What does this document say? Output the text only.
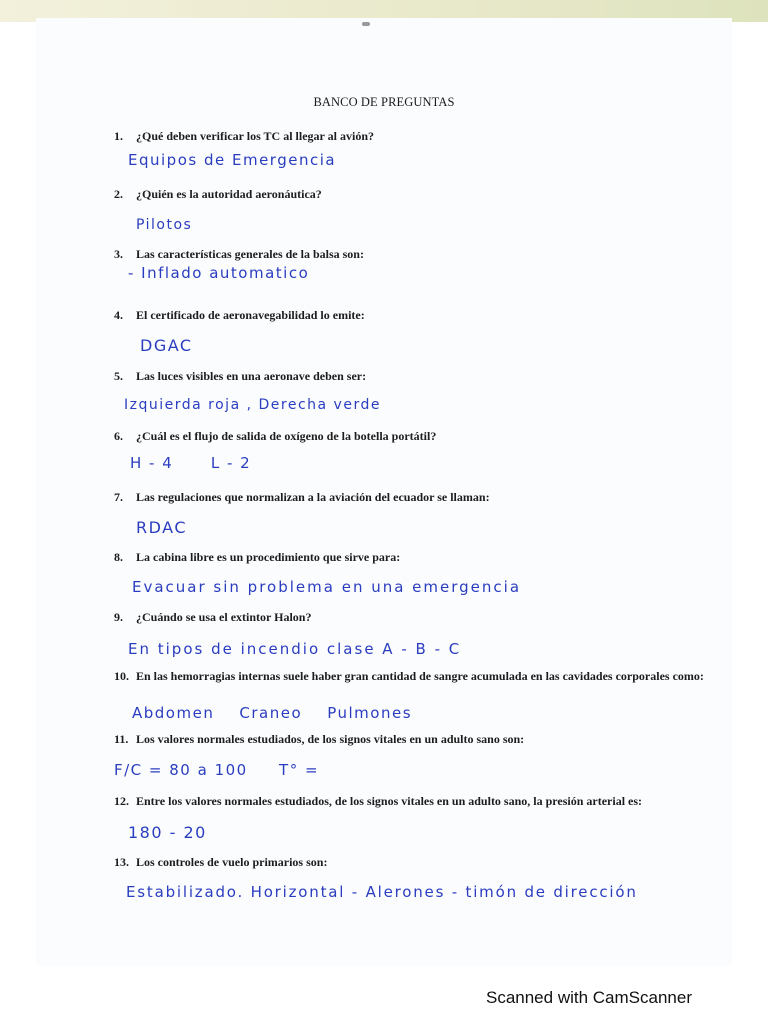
BANCO DE PREGUNTAS
1. ¿Qué deben verificar los TC al llegar al avión?
Equipos de Emergencia
2. ¿Quién es la autoridad aeronáutica?
Pilotos
3. Las características generales de la balsa son:
- Inflado automatico
4. El certificado de aeronavegabilidad lo emite:
DGAC
5. Las luces visibles en una aeronave deben ser:
Izquierda roja , Derecha verde
6. ¿Cuál es el flujo de salida de oxígeno de la botella portátil?
H - 4      L - 2
7. Las regulaciones que normalizan a la aviación del ecuador se llaman:
RDAC
8. La cabina libre es un procedimiento que sirve para:
Evacuar sin problema en una emergencia
9. ¿Cuándo se usa el extintor Halon?
En tipos de incendio clase A - B - C
10. En las hemorragias internas suele haber gran cantidad de sangre acumulada en las cavidades corporales como:
Abdomen    Craneo    Pulmones
11. Los valores normales estudiados, de los signos vitales en un adulto sano son:
F/C = 80 a 100     T° =
12. Entre los valores normales estudiados, de los signos vitales en un adulto sano, la presión arterial es:
180 - 20
13. Los controles de vuelo primarios son:
Estabilizado. Horizontal - Alerones - timón de dirección
Scanned with CamScanner
